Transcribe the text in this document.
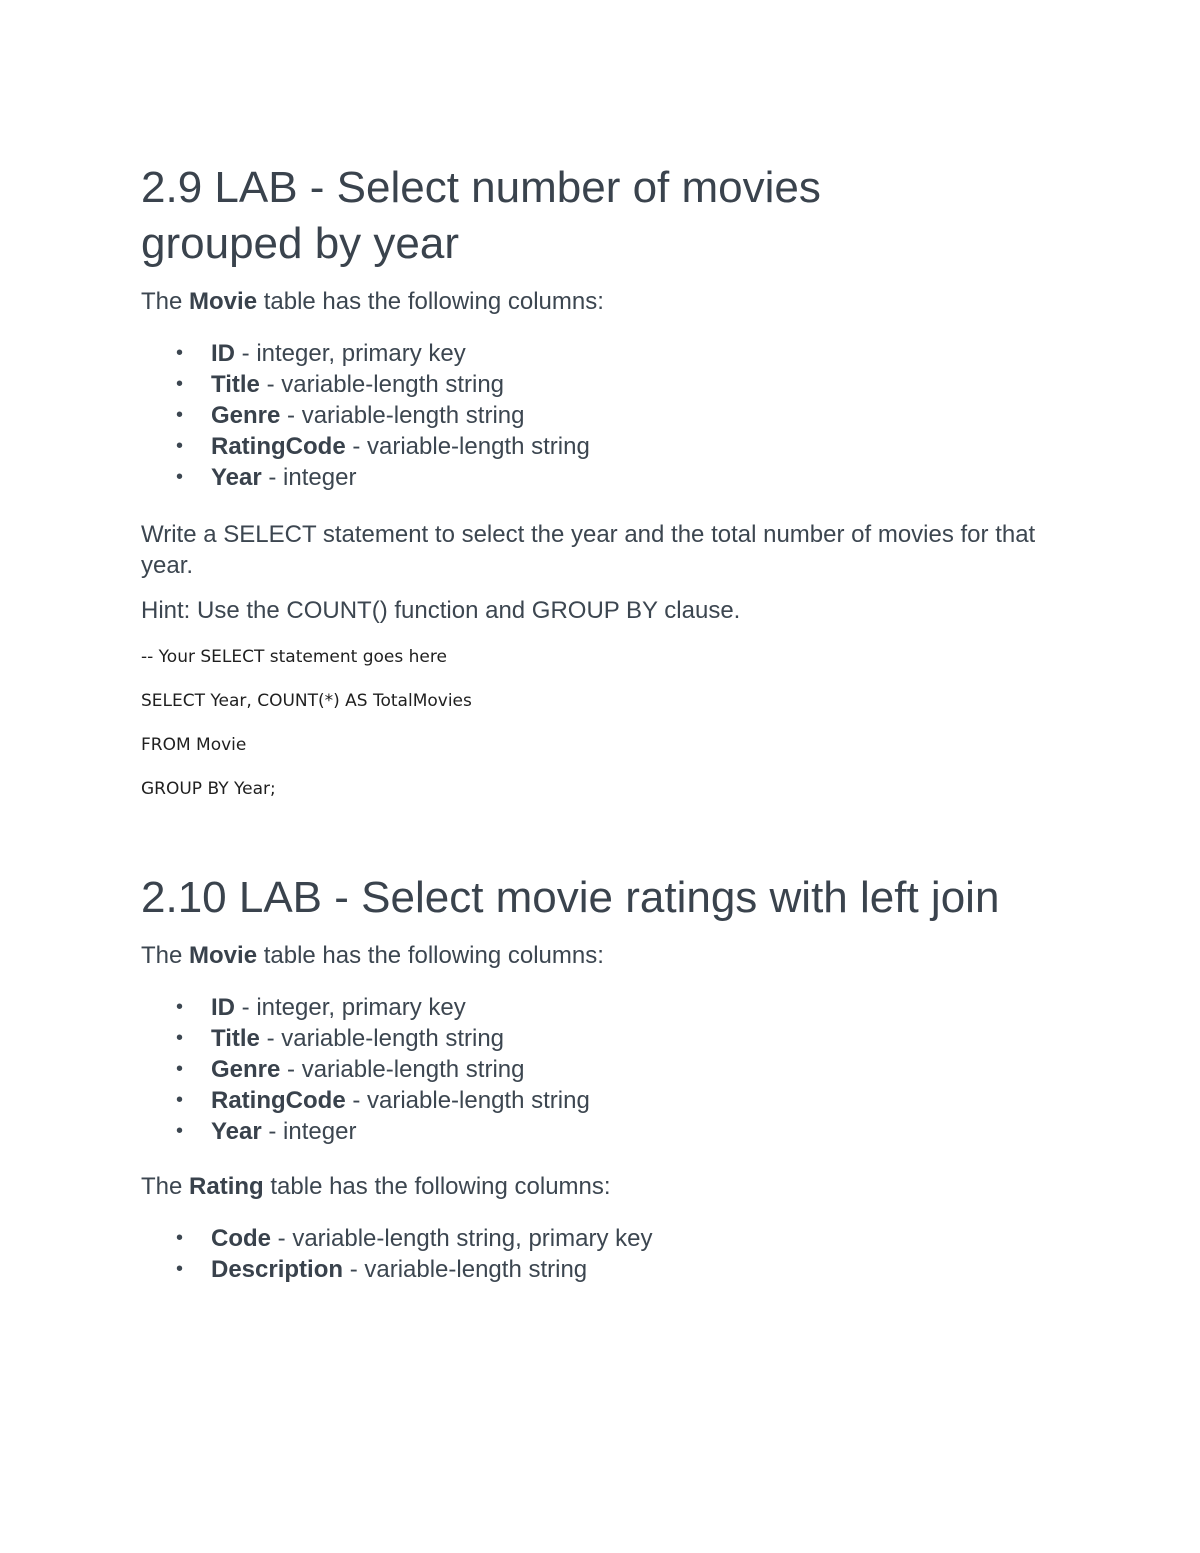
2.9 LAB - Select number of movies grouped by year

The Movie table has the following columns:

• ID - integer, primary key
• Title - variable-length string
• Genre - variable-length string
• RatingCode - variable-length string
• Year - integer

Write a SELECT statement to select the year and the total number of movies for that year.

Hint: Use the COUNT() function and GROUP BY clause.

-- Your SELECT statement goes here

SELECT Year, COUNT(*) AS TotalMovies

FROM Movie

GROUP BY Year;

2.10 LAB - Select movie ratings with left join

The Movie table has the following columns:

• ID - integer, primary key
• Title - variable-length string
• Genre - variable-length string
• RatingCode - variable-length string
• Year - integer

The Rating table has the following columns:

• Code - variable-length string, primary key
• Description - variable-length string
